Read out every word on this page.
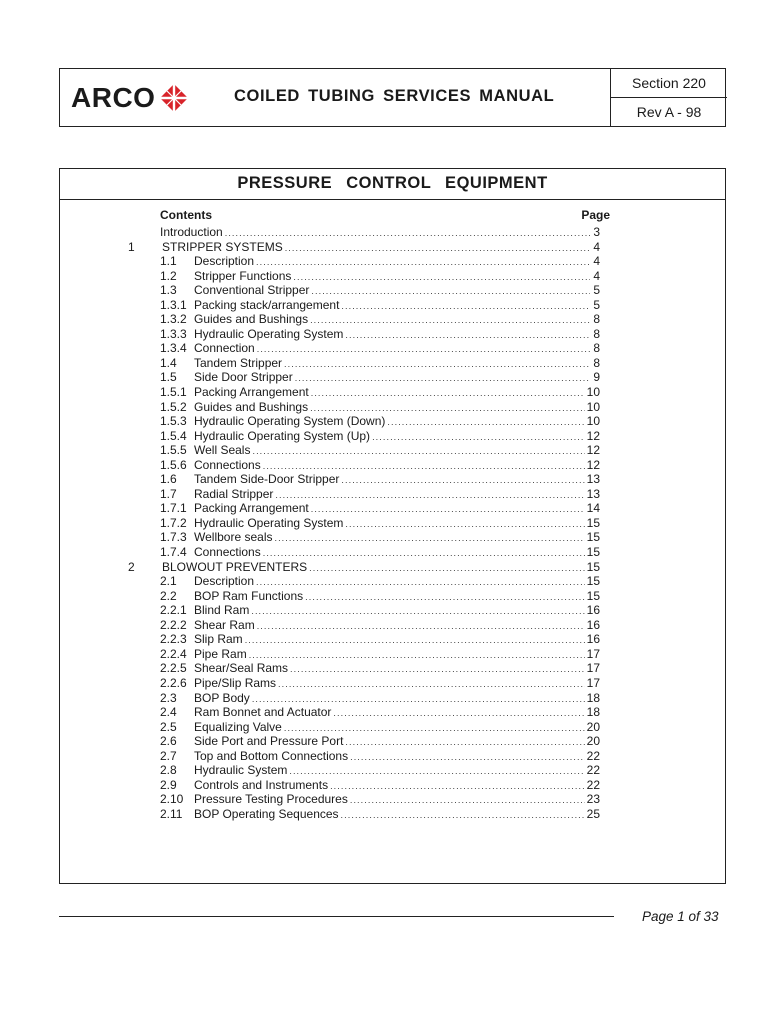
ARCO	COILED TUBING SERVICES MANUAL
Section 220
Rev A - 98
PRESSURE CONTROL EQUIPMENT
Contents	Page
Introduction .....	3
1	STRIPPER SYSTEMS .....	4
1.1	Description .....	4
1.2	Stripper Functions .....	4
1.3	Conventional Stripper .....	5
1.3.1 Packing stack/arrangement .....	5
1.3.2 Guides and Bushings .....	8
1.3.3 Hydraulic Operating System .....	8
1.3.4 Connection .....	8
1.4	Tandem Stripper .....	8
1.5	Side Door Stripper .....	9
1.5.1 Packing Arrangement .....	10
1.5.2 Guides and Bushings .....	10
1.5.3 Hydraulic Operating System (Down) .....	10
1.5.4 Hydraulic Operating System (Up) .....	12
1.5.5 Well Seals .....	12
1.5.6 Connections .....	12
1.6	Tandem Side-Door Stripper .....	13
1.7	Radial Stripper .....	13
1.7.1 Packing Arrangement .....	14
1.7.2 Hydraulic Operating System .....	15
1.7.3 Wellbore seals .....	15
1.7.4 Connections .....	15
2	BLOWOUT PREVENTERS .....	15
2.1	Description .....	15
2.2	BOP Ram Functions .....	15
2.2.1 Blind Ram .....	16
2.2.2 Shear Ram .....	16
2.2.3 Slip Ram .....	16
2.2.4 Pipe Ram .....	17
2.2.5 Shear/Seal Rams .....	17
2.2.6 Pipe/Slip Rams .....	17
2.3	BOP Body .....	18
2.4	Ram Bonnet and Actuator .....	18
2.5	Equalizing Valve .....	20
2.6	Side Port and Pressure Port .....	20
2.7	Top and Bottom Connections .....	22
2.8	Hydraulic System .....	22
2.9	Controls and Instruments .....	22
2.10 Pressure Testing Procedures .....	23
2.11 BOP Operating Sequences .....	25
Page 1 of 33
